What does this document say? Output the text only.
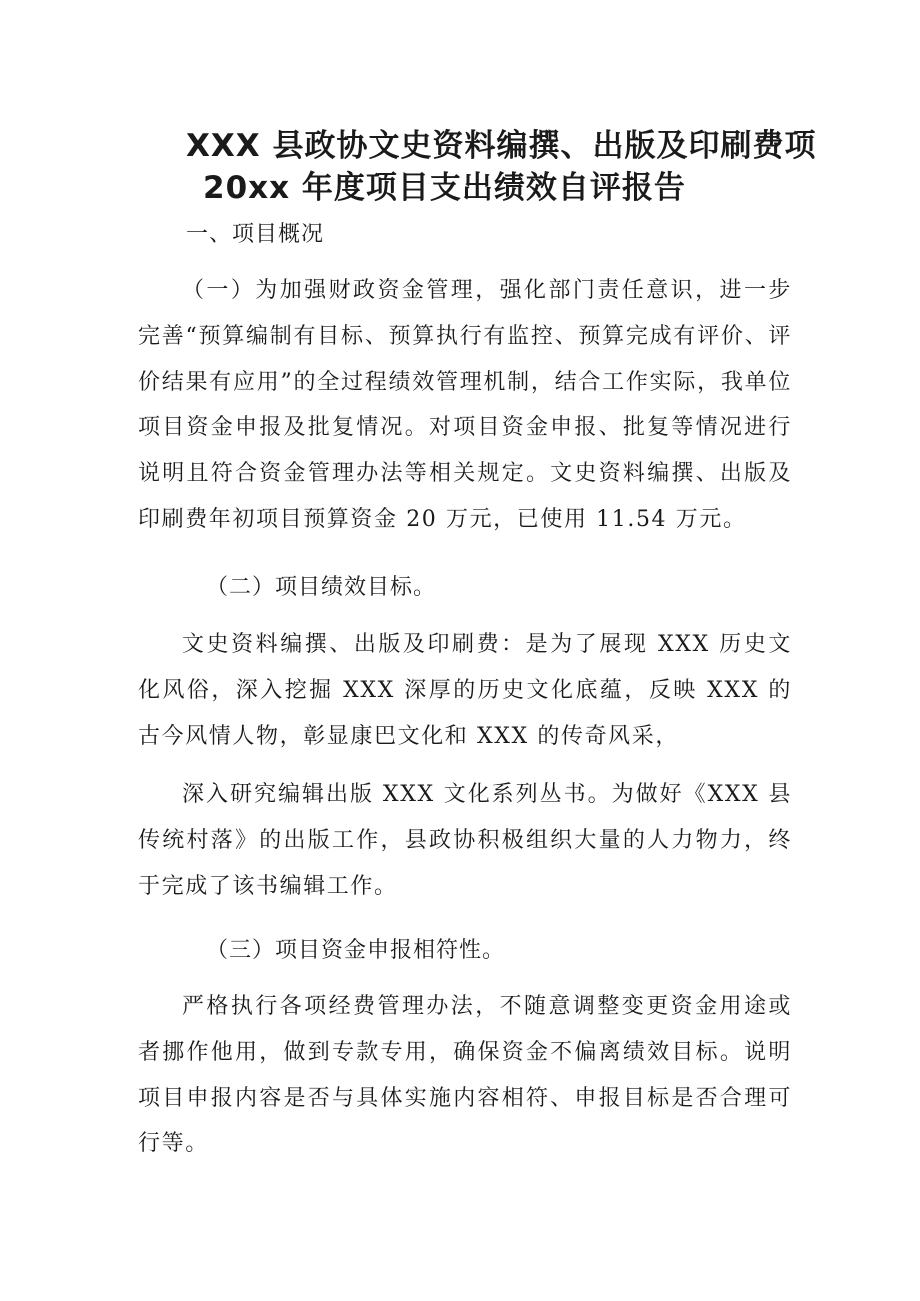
XXX 县政协文史资料编撰、出版及印刷费项
20xx 年度项目支出绩效自评报告
一、项目概况
（一）为加强财政资金管理，强化部门责任意识，进一步完善“预算编制有目标、预算执行有监控、预算完成有评价、评价结果有应用”的全过程绩效管理机制，结合工作实际，我单位项目资金申报及批复情况。对项目资金申报、批复等情况进行说明且符合资金管理办法等相关规定。文史资料编撰、出版及印刷费年初项目预算资金 20 万元，已使用 11.54 万元。
（二）项目绩效目标。
文史资料编撰、出版及印刷费：是为了展现 XXX 历史文化风俗，深入挖掘 XXX 深厚的历史文化底蕴，反映 XXX 的古今风情人物，彰显康巴文化和 XXX 的传奇风采，
深入研究编辑出版 XXX 文化系列丛书。为做好《XXX 县传统村落》的出版工作，县政协积极组织大量的人力物力，终于完成了该书编辑工作。
（三）项目资金申报相符性。
严格执行各项经费管理办法，不随意调整变更资金用途或者挪作他用，做到专款专用，确保资金不偏离绩效目标。说明项目申报内容是否与具体实施内容相符、申报目标是否合理可行等。
